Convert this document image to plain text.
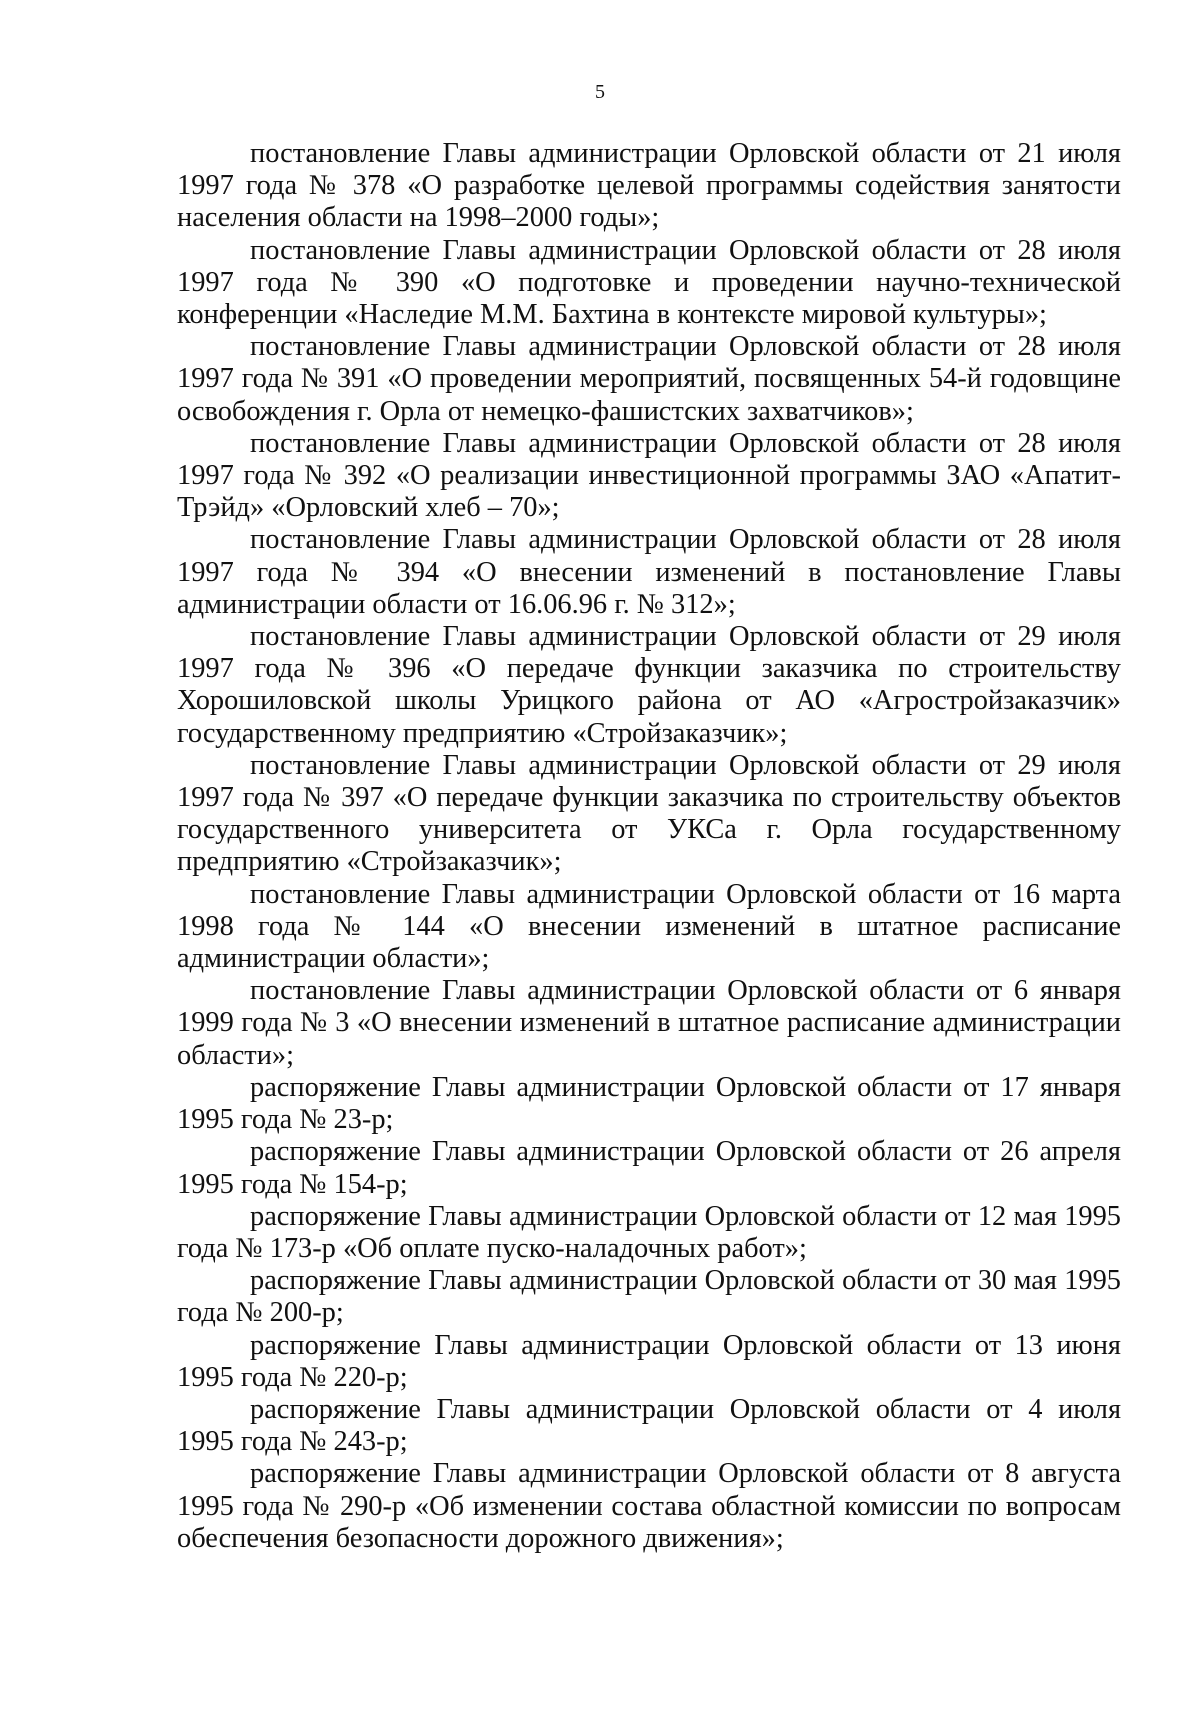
5

постановление Главы администрации Орловской области от 21 июля 1997 года № 378 «О разработке целевой программы содействия занятости населения области на 1998–2000 годы»;

постановление Главы администрации Орловской области от 28 июля 1997 года № 390 «О подготовке и проведении научно-технической конференции «Наследие М.М. Бахтина в контексте мировой культуры»;

постановление Главы администрации Орловской области от 28 июля 1997 года № 391 «О проведении мероприятий, посвященных 54-й годовщине освобождения г. Орла от немецко-фашистских захватчиков»;

постановление Главы администрации Орловской области от 28 июля 1997 года № 392 «О реализации инвестиционной программы ЗАО «Апатит-Трэйд» «Орловский хлеб – 70»;

постановление Главы администрации Орловской области от 28 июля 1997 года № 394 «О внесении изменений в постановление Главы администрации области от 16.06.96 г. № 312»;

постановление Главы администрации Орловской области от 29 июля 1997 года № 396 «О передаче функции заказчика по строительству Хорошиловской школы Урицкого района от АО «Агростройзаказчик» государственному предприятию «Стройзаказчик»;

постановление Главы администрации Орловской области от 29 июля 1997 года № 397 «О передаче функции заказчика по строительству объектов государственного университета от УКСа г. Орла государственному предприятию «Стройзаказчик»;

постановление Главы администрации Орловской области от 16 марта 1998 года № 144 «О внесении изменений в штатное расписание администрации области»;

постановление Главы администрации Орловской области от 6 января 1999 года № 3 «О внесении изменений в штатное расписание администрации области»;

распоряжение Главы администрации Орловской области от 17 января 1995 года № 23-р;

распоряжение Главы администрации Орловской области от 26 апреля 1995 года № 154-р;

распоряжение Главы администрации Орловской области от 12 мая 1995 года № 173-р «Об оплате пуско-наладочных работ»;

распоряжение Главы администрации Орловской области от 30 мая 1995 года № 200-р;

распоряжение Главы администрации Орловской области от 13 июня 1995 года № 220-р;

распоряжение Главы администрации Орловской области от 4 июля 1995 года № 243-р;

распоряжение Главы администрации Орловской области от 8 августа 1995 года № 290-р «Об изменении состава областной комиссии по вопросам обеспечения безопасности дорожного движения»;
